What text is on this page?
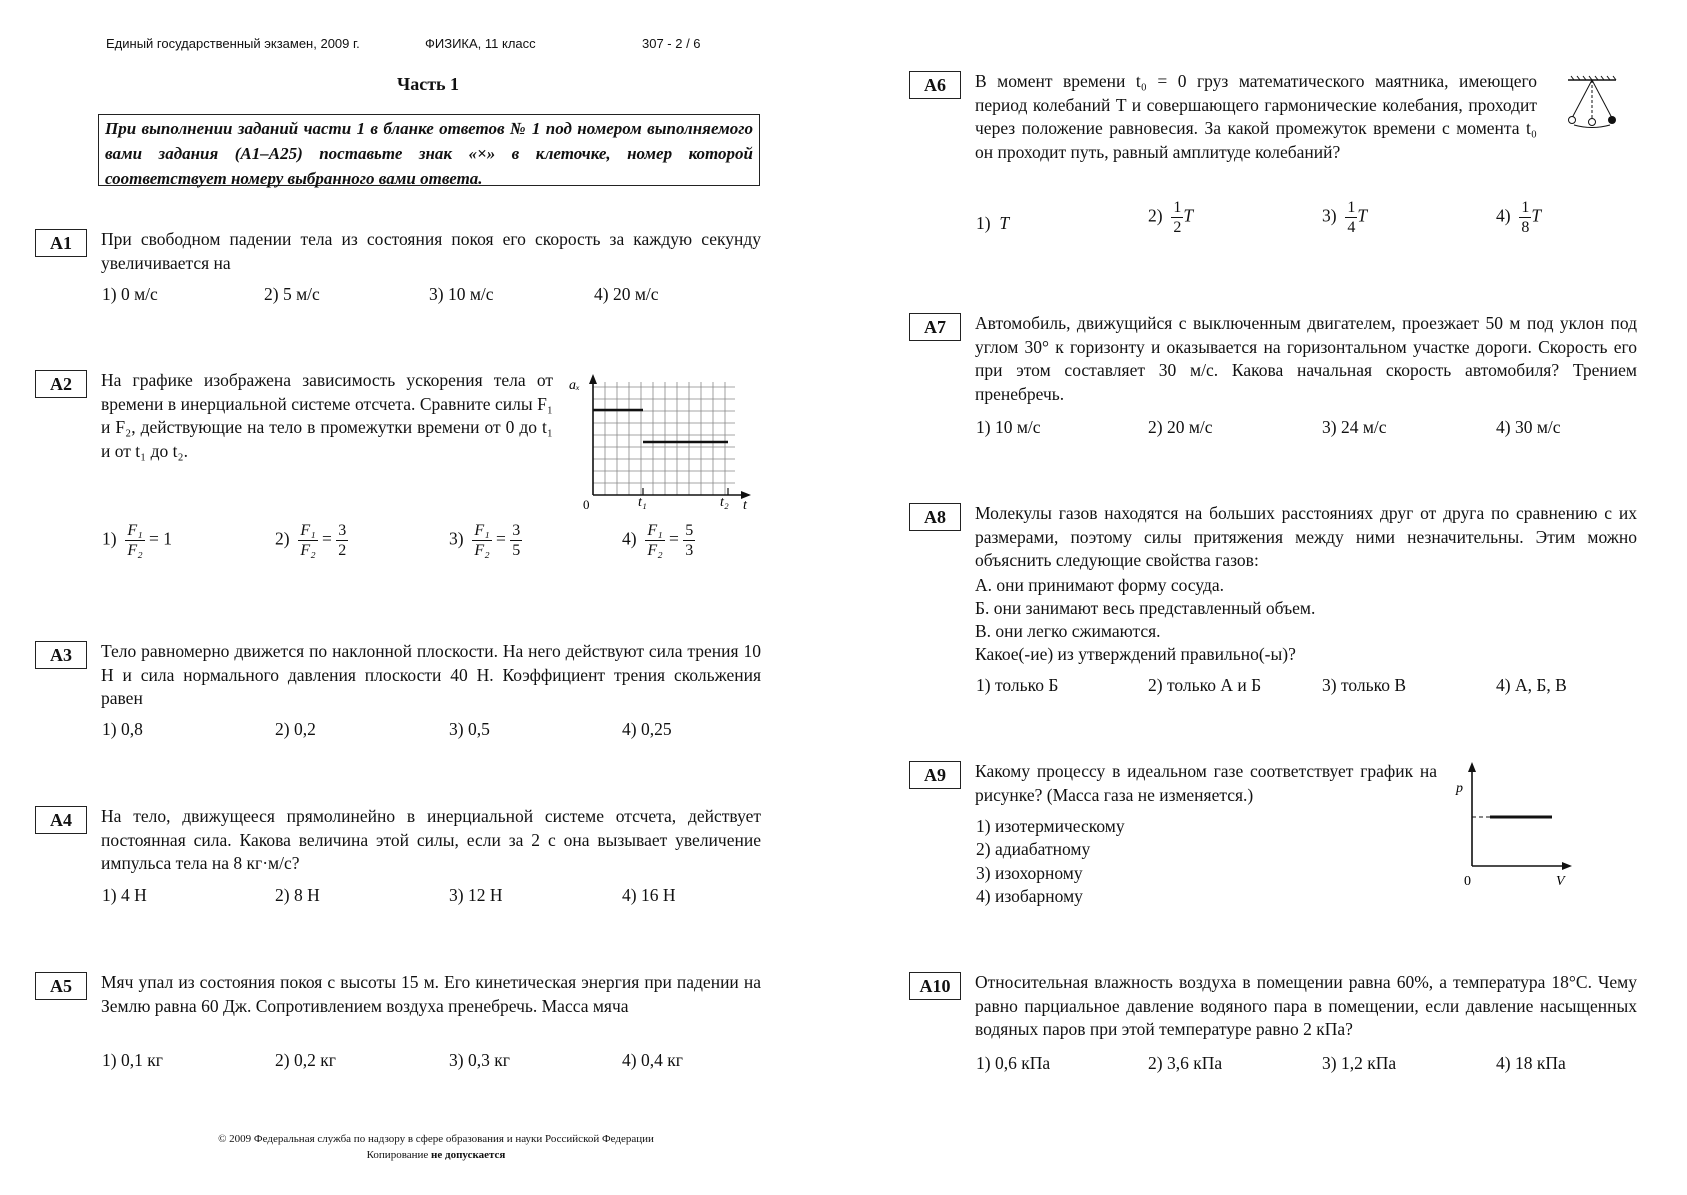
Единый государственный экзамен, 2009 г.	ФИЗИКА, 11 класс	307 - 2 / 6
Часть 1
При выполнении заданий части 1 в бланке ответов № 1 под номером выполняемого вами задания (А1–А25) поставьте знак «×» в клеточке, номер которой соответствует номеру выбранного вами ответа.
А1	При свободном падении тела из состояния покоя его скорость за каждую секунду увеличивается на
1) 0 м/с	2) 5 м/с	3) 10 м/с	4) 20 м/с
А2	На графике изображена зависимость ускорения тела от времени в инерциальной системе отсчета. Сравните силы F₁ и F₂, действующие на тело в промежутки времени от 0 до t₁ и от t₁ до t₂.
aₓ
0	t₁	t₂ t
$1) \frac{\text{F₁}}{\text{F₂}} = 1$	$2) \frac{\text{F₁}}{\text{F₂}} = \frac{3}{2}$	$3) \frac{\text{F₁}}{\text{F₂}} = \frac{3}{5}$	$4) \frac{\text{F₁}}{\text{F₂}} = \frac{5}{3}$
А3	Тело равномерно движется по наклонной плоскости. На него действуют сила трения 10 Н и сила нормального давления плоскости 40 Н. Коэффициент трения скольжения равен
1) 0,8	2) 0,2	3) 0,5	4) 0,25
А4	На тело, движущееся прямолинейно в инерциальной системе отсчета, действует постоянная сила. Какова величина этой силы, если за 2 с она вызывает увеличение импульса тела на 8 кг·м/с?
1) 4 Н	2) 8 Н	3) 12 Н	4) 16 Н
А5	Мяч упал из состояния покоя с высоты 15 м. Его кинетическая энергия при падении на Землю равна 60 Дж. Сопротивлением воздуха пренебречь. Масса мяча
1) 0,1 кг	2) 0,2 кг	3) 0,3 кг	4) 0,4 кг
© 2009 Федеральная служба по надзору в сфере образования и науки Российской Федерации
Копирование не допускается
А6	В момент времени t₀ = 0 груз математического маятника, имеющего период колебаний T и совершающего гармонические колебания, проходит через положение равновесия. За какой промежуток времени с момента t₀ он проходит путь, равный амплитуде колебаний?
1) T	$2) \frac{1}{2}$ T	$3) \frac{1}{4}$ T	$4) \frac{1}{8}$ T
А7	Автомобиль, движущийся с выключенным двигателем, проезжает 50 м под уклон под углом 30° к горизонту и оказывается на горизонтальном участке дороги. Скорость его при этом составляет 30 м/с. Какова начальная скорость автомобиля? Трением пренебречь.
1) 10 м/с	2) 20 м/с	3) 24 м/с	4) 30 м/с
А8	Молекулы газов находятся на больших расстояниях друг от друга по сравнению с их размерами, поэтому силы притяжения между ними незначительны. Этим можно объяснить следующие свойства газов:
А. они принимают форму сосуда.
Б. они занимают весь представленный объем.
В. они легко сжимаются.
Какое(-ие) из утверждений правильно(-ы)?
1) только Б	2) только А и Б	3) только В	4) А, Б, В
А9	Какому процессу в идеальном газе соответствует график на рисунке? (Масса газа не изменяется.)
1) изотермическому
2) адиабатному
3) изохорному
4) изобарному
p
0	V
А10	Относительная влажность воздуха в помещении равна 60%, а температура 18°С. Чему равно парциальное давление водяного пара в помещении, если давление насыщенных водяных паров при этой температуре равно 2 кПа?
1) 0,6 кПа	2) 3,6 кПа	3) 1,2 кПа	4) 18 кПа
